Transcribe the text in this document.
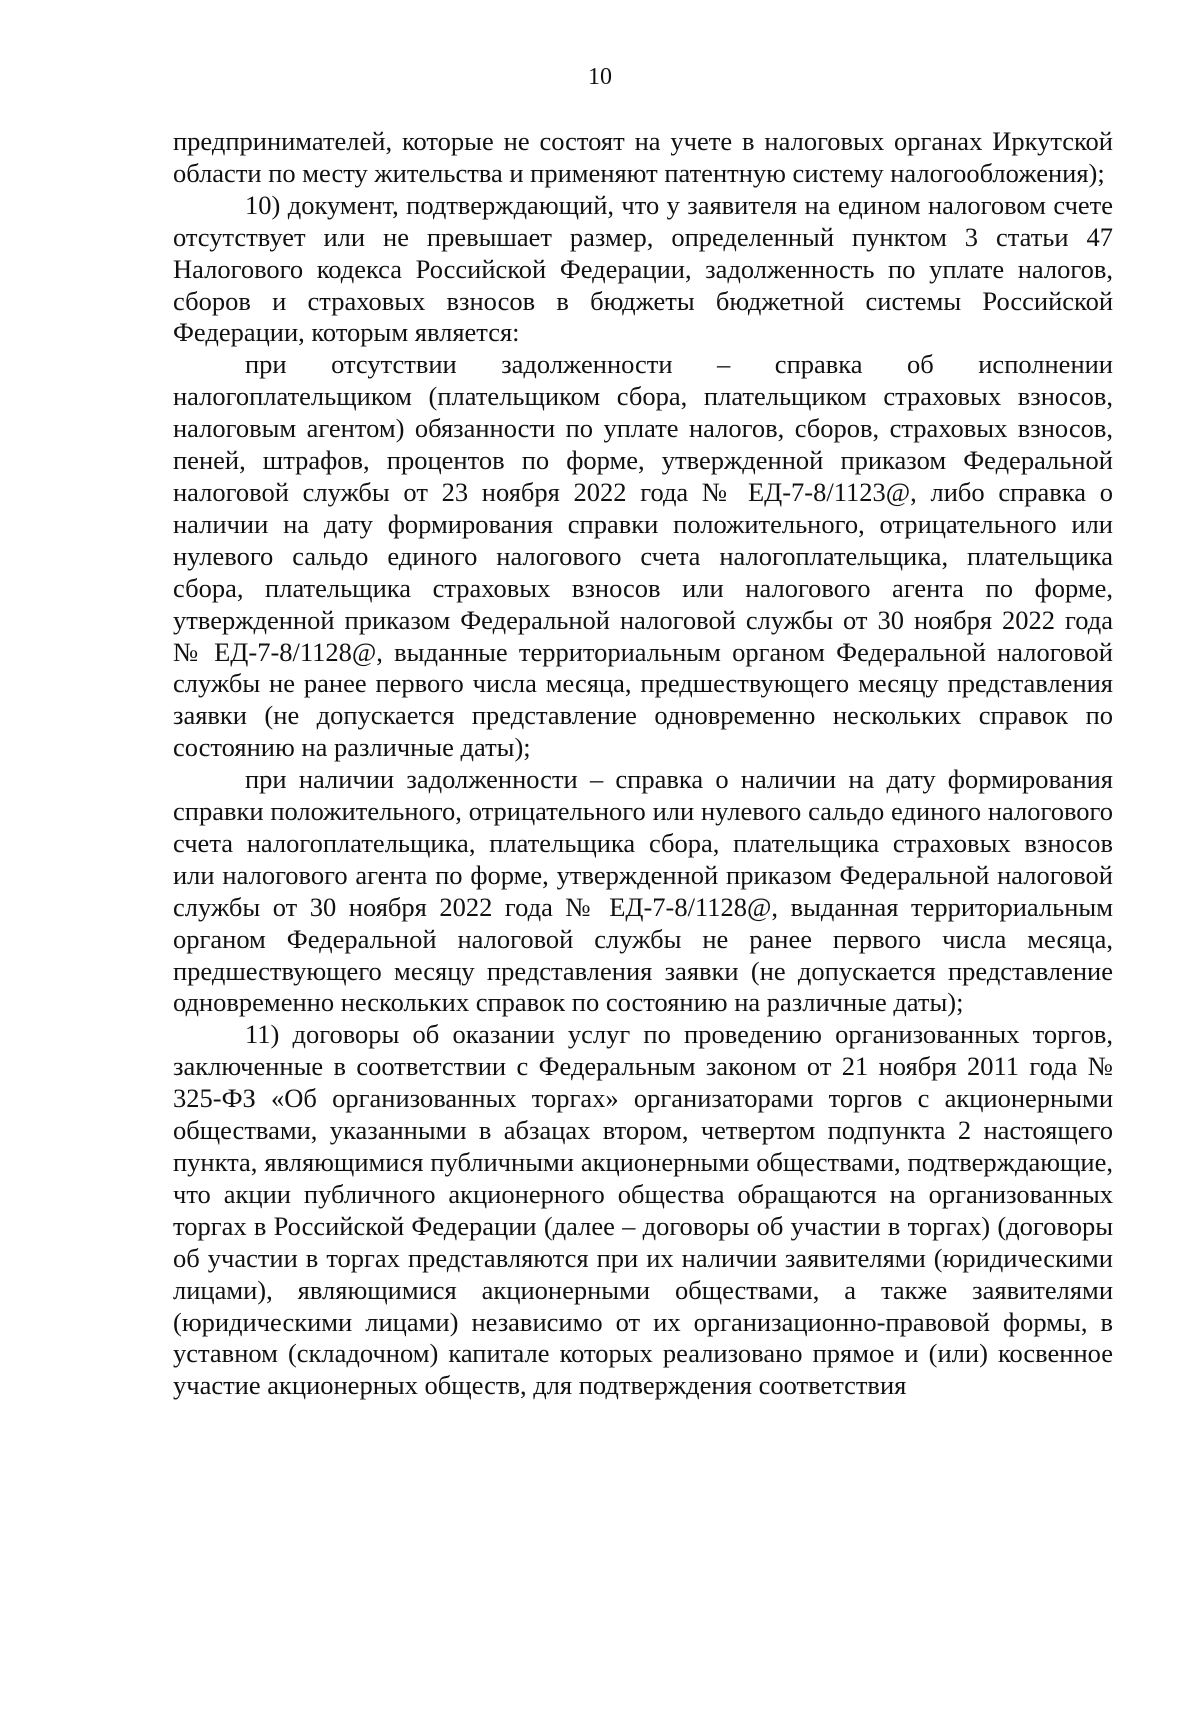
10

предпринимателей, которые не состоят на учете в налоговых органах Иркутской области по месту жительства и применяют патентную систему налогообложения);

10) документ, подтверждающий, что у заявителя на едином налоговом счете отсутствует или не превышает размер, определенный пунктом 3 статьи 47 Налогового кодекса Российской Федерации, задолженность по уплате налогов, сборов и страховых взносов в бюджеты бюджетной системы Российской Федерации, которым является:

при отсутствии задолженности – справка об исполнении налогоплательщиком (плательщиком сбора, плательщиком страховых взносов, налоговым агентом) обязанности по уплате налогов, сборов, страховых взносов, пеней, штрафов, процентов по форме, утвержденной приказом Федеральной налоговой службы от 23 ноября 2022 года № ЕД-7-8/1123@, либо справка о наличии на дату формирования справки положительного, отрицательного или нулевого сальдо единого налогового счета налогоплательщика, плательщика сбора, плательщика страховых взносов или налогового агента по форме, утвержденной приказом Федеральной налоговой службы от 30 ноября 2022 года № ЕД-7-8/1128@, выданные территориальным органом Федеральной налоговой службы не ранее первого числа месяца, предшествующего месяцу представления заявки (не допускается представление одновременно нескольких справок по состоянию на различные даты);

при наличии задолженности – справка о наличии на дату формирования справки положительного, отрицательного или нулевого сальдо единого налогового счета налогоплательщика, плательщика сбора, плательщика страховых взносов или налогового агента по форме, утвержденной приказом Федеральной налоговой службы от 30 ноября 2022 года № ЕД-7-8/1128@, выданная территориальным органом Федеральной налоговой службы не ранее первого числа месяца, предшествующего месяцу представления заявки (не допускается представление одновременно нескольких справок по состоянию на различные даты);

11) договоры об оказании услуг по проведению организованных торгов, заключенные в соответствии с Федеральным законом от 21 ноября 2011 года № 325-ФЗ «Об организованных торгах» организаторами торгов с акционерными обществами, указанными в абзацах втором, четвертом подпункта 2 настоящего пункта, являющимися публичными акционерными обществами, подтверждающие, что акции публичного акционерного общества обращаются на организованных торгах в Российской Федерации (далее – договоры об участии в торгах) (договоры об участии в торгах представляются при их наличии заявителями (юридическими лицами), являющимися акционерными обществами, а также заявителями (юридическими лицами) независимо от их организационно-правовой формы, в уставном (складочном) капитале которых реализовано прямое и (или) косвенное участие акционерных обществ, для подтверждения соответствия
